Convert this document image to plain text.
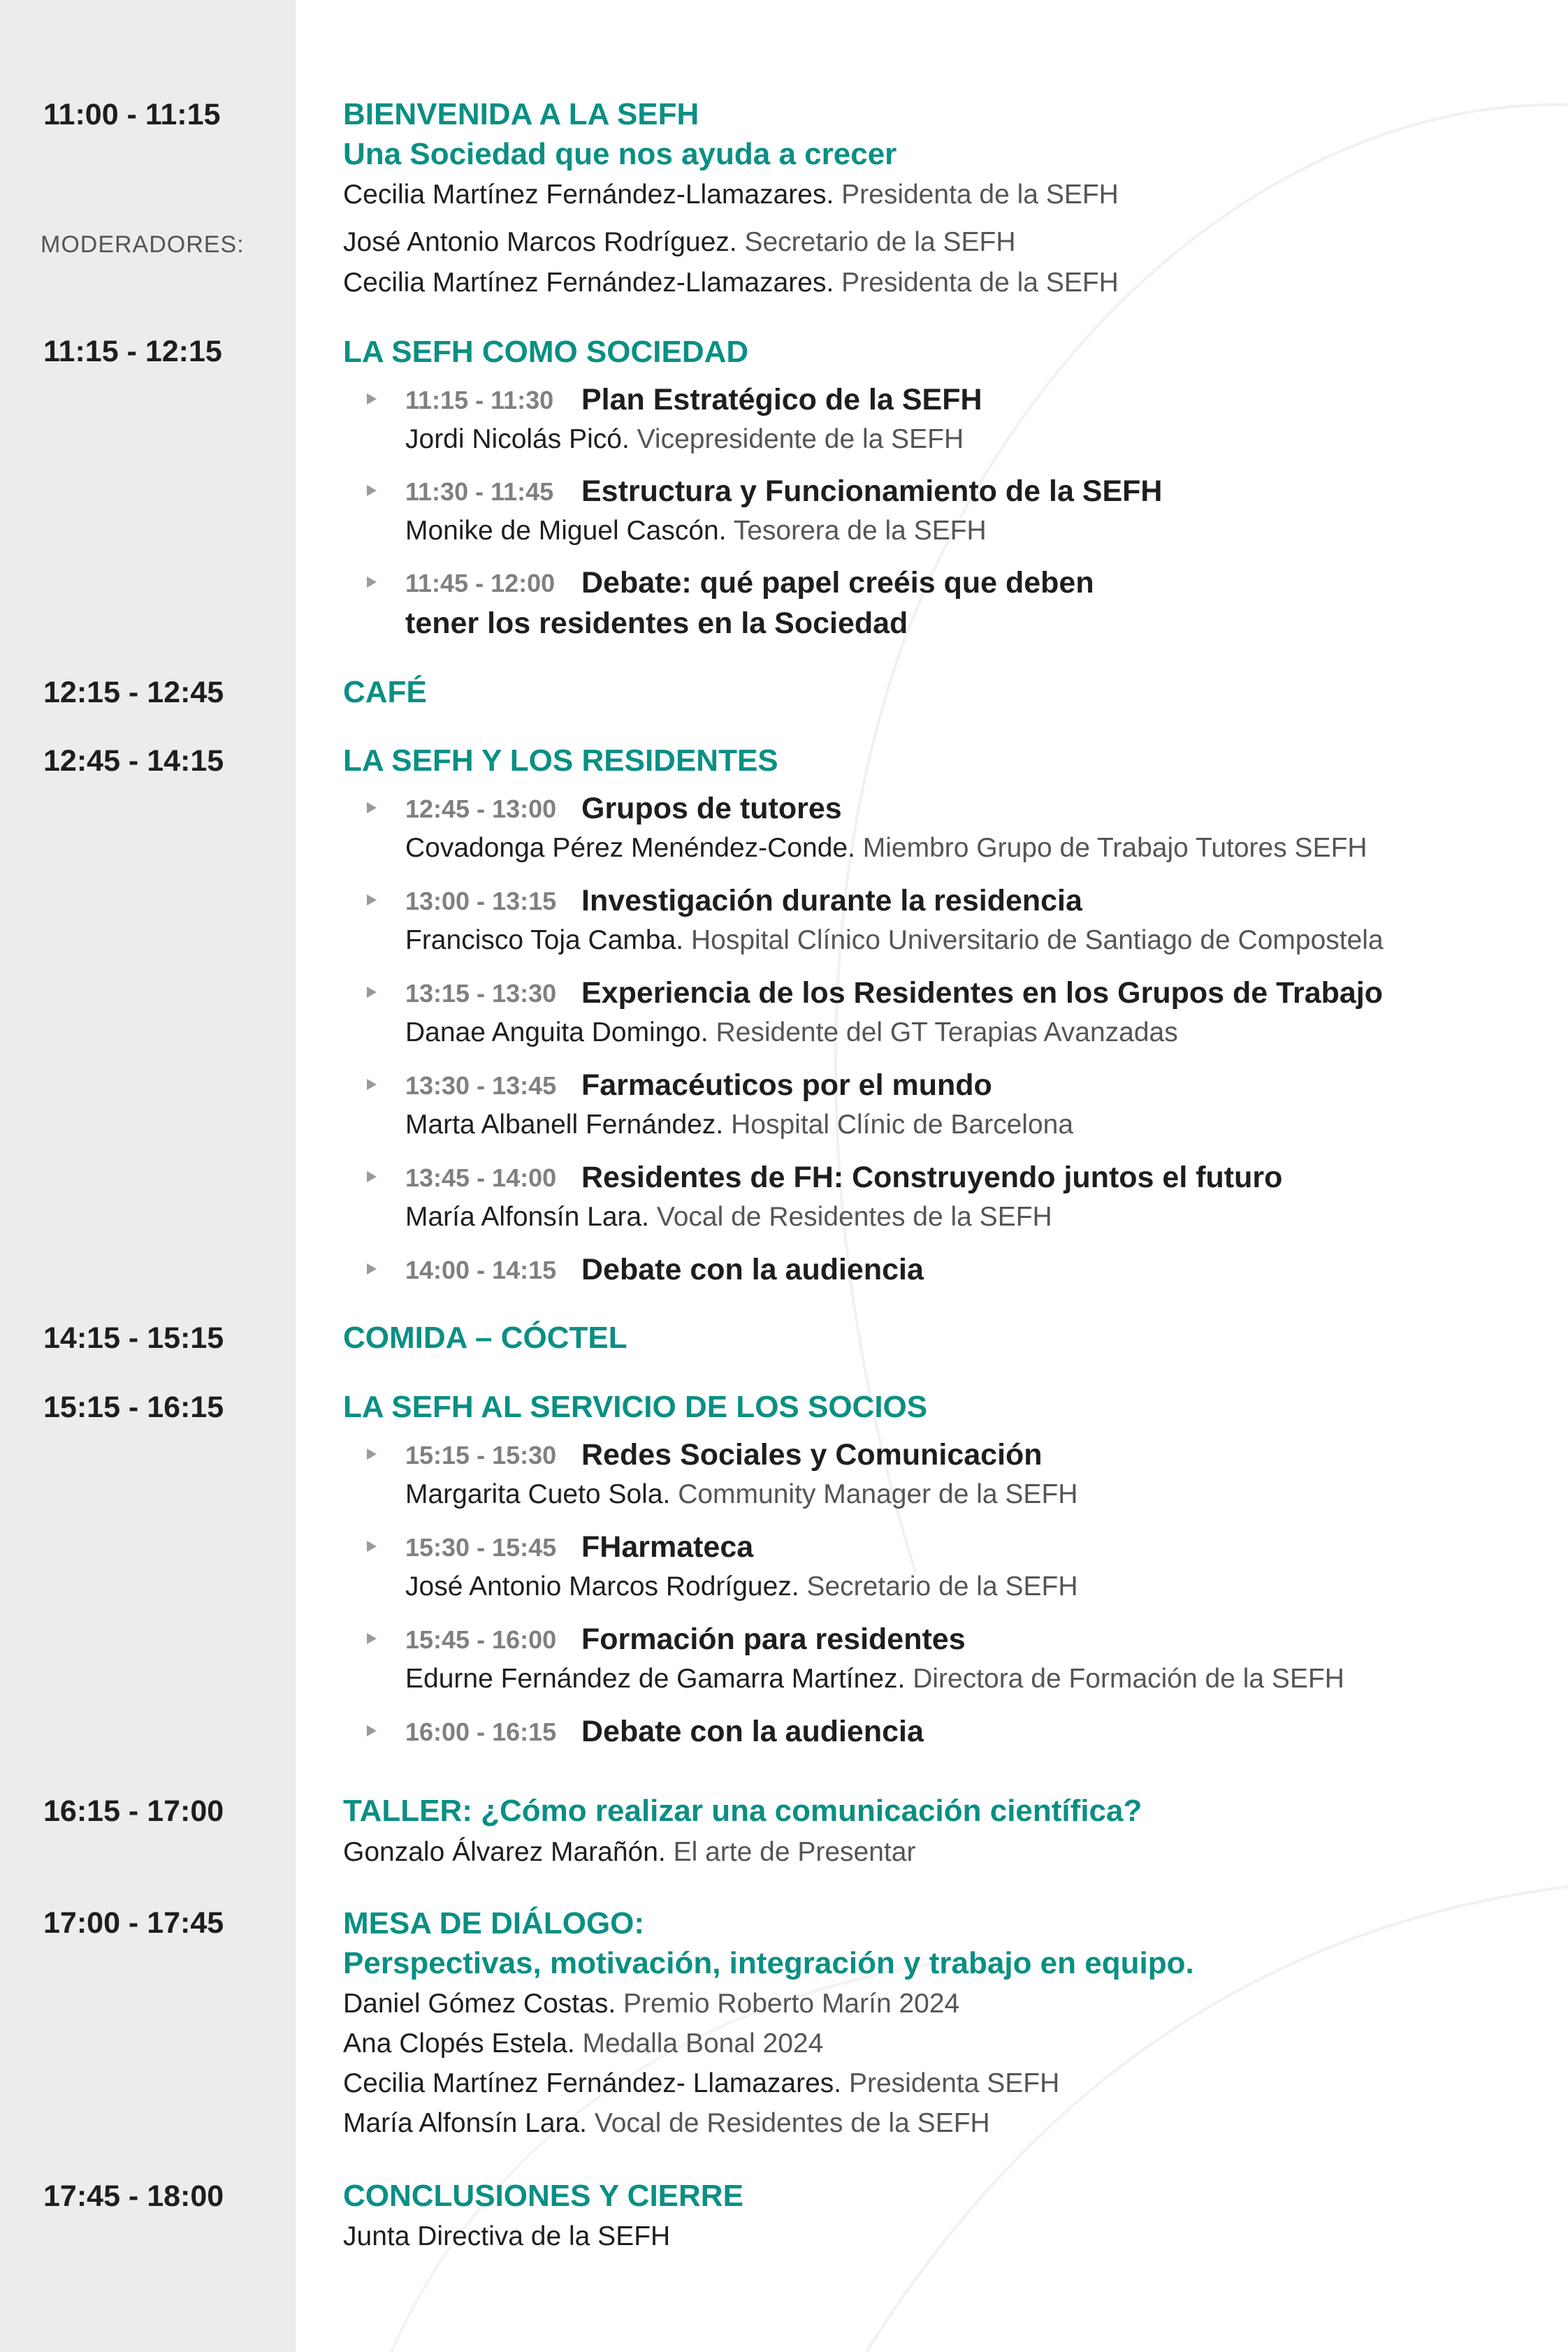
11:00 - 11:15	BIENVENIDA A LA SEFH
Una Sociedad que nos ayuda a crecer
Cecilia Martínez Fernández-Llamazares. Presidenta de la SEFH
MODERADORES:	José Antonio Marcos Rodríguez. Secretario de la SEFH
Cecilia Martínez Fernández-Llamazares. Presidenta de la SEFH
11:15 - 12:15	LA SEFH COMO SOCIEDAD
11:15 - 11:30 Plan Estratégico de la SEFH
Jordi Nicolás Picó. Vicepresidente de la SEFH
11:30 - 11:45 Estructura y Funcionamiento de la SEFH
Monike de Miguel Cascón. Tesorera de la SEFH
11:45 - 12:00 Debate: qué papel creéis que deben
tener los residentes en la Sociedad
12:15 - 12:45	CAFÉ
12:45 - 14:15	LA SEFH Y LOS RESIDENTES
12:45 - 13:00 Grupos de tutores
Covadonga Pérez Menéndez-Conde. Miembro Grupo de Trabajo Tutores SEFH
13:00 - 13:15 Investigación durante la residencia
Francisco Toja Camba. Hospital Clínico Universitario de Santiago de Compostela
13:15 - 13:30 Experiencia de los Residentes en los Grupos de Trabajo
Danae Anguita Domingo. Residente del GT Terapias Avanzadas
13:30 - 13:45 Farmacéuticos por el mundo
Marta Albanell Fernández. Hospital Clínic de Barcelona
13:45 - 14:00 Residentes de FH: Construyendo juntos el futuro
María Alfonsín Lara. Vocal de Residentes de la SEFH
14:00 - 14:15 Debate con la audiencia
14:15 - 15:15	COMIDA – CÓCTEL
15:15 - 16:15	LA SEFH AL SERVICIO DE LOS SOCIOS
15:15 - 15:30 Redes Sociales y Comunicación
Margarita Cueto Sola. Community Manager de la SEFH
15:30 - 15:45 FHarmateca
José Antonio Marcos Rodríguez. Secretario de la SEFH
15:45 - 16:00 Formación para residentes
Edurne Fernández de Gamarra Martínez. Directora de Formación de la SEFH
16:00 - 16:15 Debate con la audiencia
16:15 - 17:00	TALLER: ¿Cómo realizar una comunicación científica?
Gonzalo Álvarez Marañón. El arte de Presentar
17:00 - 17:45	MESA DE DIÁLOGO:
Perspectivas, motivación, integración y trabajo en equipo.
Daniel Gómez Costas. Premio Roberto Marín 2024
Ana Clopés Estela. Medalla Bonal 2024
Cecilia Martínez Fernández- Llamazares. Presidenta SEFH
María Alfonsín Lara. Vocal de Residentes de la SEFH
17:45 - 18:00	CONCLUSIONES Y CIERRE
Junta Directiva de la SEFH
